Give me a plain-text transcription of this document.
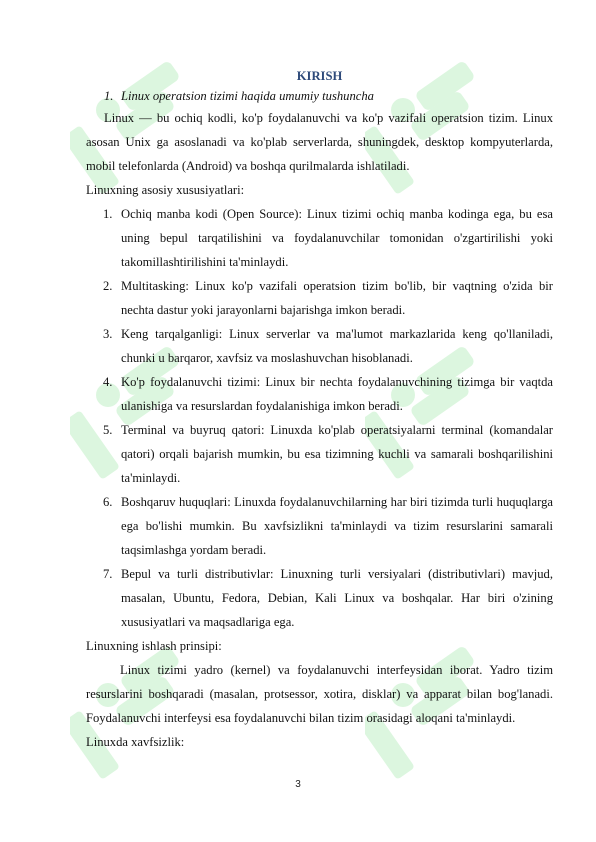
KIRISH

1. Linux operatsion tizimi haqida umumiy tushuncha

Linux — bu ochiq kodli, ko'p foydalanuvchi va ko'p vazifali operatsion tizim. Linux asosan Unix ga asoslanadi va ko'plab serverlarda, shuningdek, desktop kompyuterlarda, mobil telefonlarda (Android) va boshqa qurilmalarda ishlatiladi.

Linuxning asosiy xususiyatlari:

1. Ochiq manba kodi (Open Source): Linux tizimi ochiq manba kodinga ega, bu esa uning bepul tarqatilishini va foydalanuvchilar tomonidan o'zgartirilishi yoki takomillashtirilishini ta'minlaydi.
2. Multitasking: Linux ko'p vazifali operatsion tizim bo'lib, bir vaqtning o'zida bir nechta dastur yoki jarayonlarni bajarishga imkon beradi.
3. Keng tarqalganligi: Linux serverlar va ma'lumot markazlarida keng qo'llaniladi, chunki u barqaror, xavfsiz va moslashuvchan hisoblanadi.
4. Ko'p foydalanuvchi tizimi: Linux bir nechta foydalanuvchining tizimga bir vaqtda ulanishiga va resurslardan foydalanishiga imkon beradi.
5. Terminal va buyruq qatori: Linuxda ko'plab operatsiyalarni terminal (komandalar qatori) orqali bajarish mumkin, bu esa tizimning kuchli va samarali boshqarilishini ta'minlaydi.
6. Boshqaruv huquqlari: Linuxda foydalanuvchilarning har biri tizimda turli huquqlarga ega bo'lishi mumkin. Bu xavfsizlikni ta'minlaydi va tizim resurslarini samarali taqsimlashga yordam beradi.
7. Bepul va turli distributivlar: Linuxning turli versiyalari (distributivlari) mavjud, masalan, Ubuntu, Fedora, Debian, Kali Linux va boshqalar. Har biri o'zining xususiyatlari va maqsadlariga ega.

Linuxning ishlash prinsipi:

Linux tizimi yadro (kernel) va foydalanuvchi interfeysidan iborat. Yadro tizim resurslarini boshqaradi (masalan, protsessor, xotira, disklar) va apparat bilan bog'lanadi. Foydalanuvchi interfeysi esa foydalanuvchi bilan tizim orasidagi aloqani ta'minlaydi.

Linuxda xavfsizlik:

3
